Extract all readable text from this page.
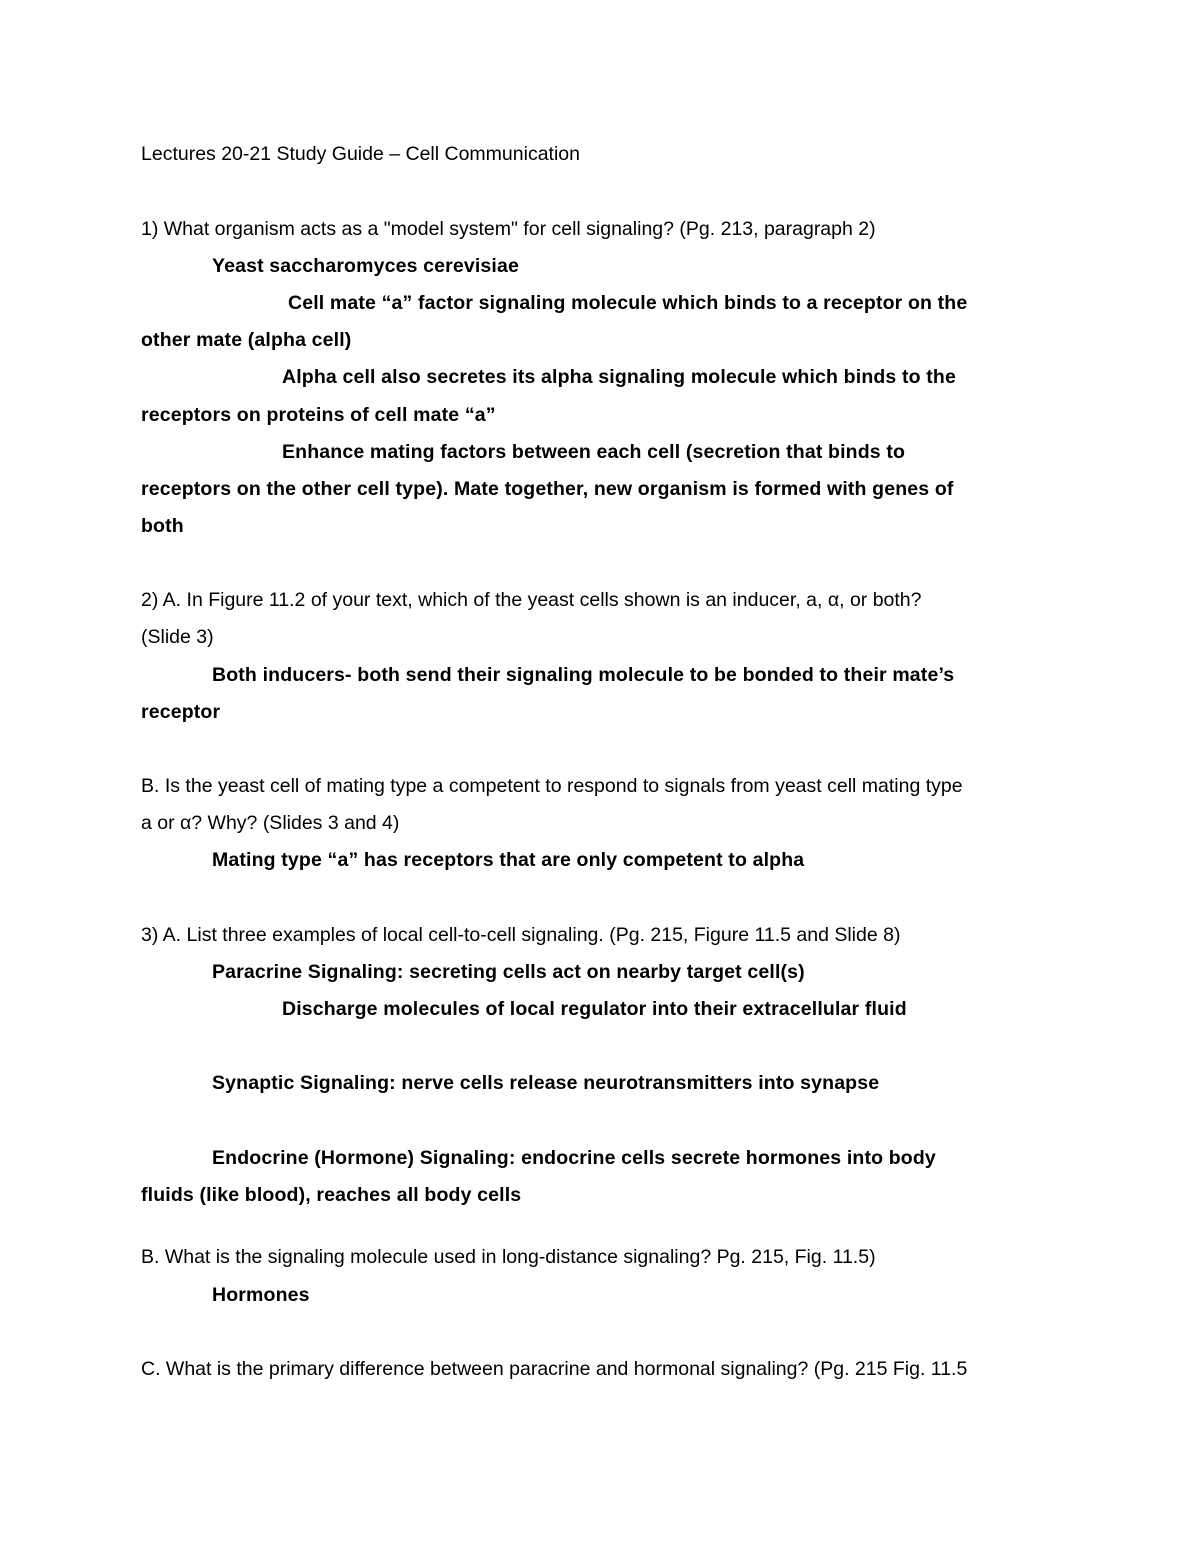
Lectures 20-21 Study Guide – Cell Communication
1) What organism acts as a "model system" for cell signaling? (Pg. 213, paragraph 2)
Yeast saccharomyces cerevisiae
Cell mate “a” factor signaling molecule which binds to a receptor on the
other mate (alpha cell)
Alpha cell also secretes its alpha signaling molecule which binds to the
receptors on proteins of cell mate “a”
Enhance mating factors between each cell (secretion that binds to
receptors on the other cell type). Mate together, new organism is formed with genes of
both
2) A. In Figure 11.2 of your text, which of the yeast cells shown is an inducer, a, α, or both?
(Slide 3)
Both inducers- both send their signaling molecule to be bonded to their mate’s
receptor
B. Is the yeast cell of mating type a competent to respond to signals from yeast cell mating type
a or α? Why? (Slides 3 and 4)
Mating type “a” has receptors that are only competent to alpha
3) A. List three examples of local cell-to-cell signaling. (Pg. 215, Figure 11.5 and Slide 8)
Paracrine Signaling: secreting cells act on nearby target cell(s)
Discharge molecules of local regulator into their extracellular fluid
Synaptic Signaling: nerve cells release neurotransmitters into synapse
Endocrine (Hormone) Signaling: endocrine cells secrete hormones into body
fluids (like blood), reaches all body cells
B. What is the signaling molecule used in long-distance signaling? Pg. 215, Fig. 11.5)
Hormones
C. What is the primary difference between paracrine and hormonal signaling? (Pg. 215 Fig. 11.5
